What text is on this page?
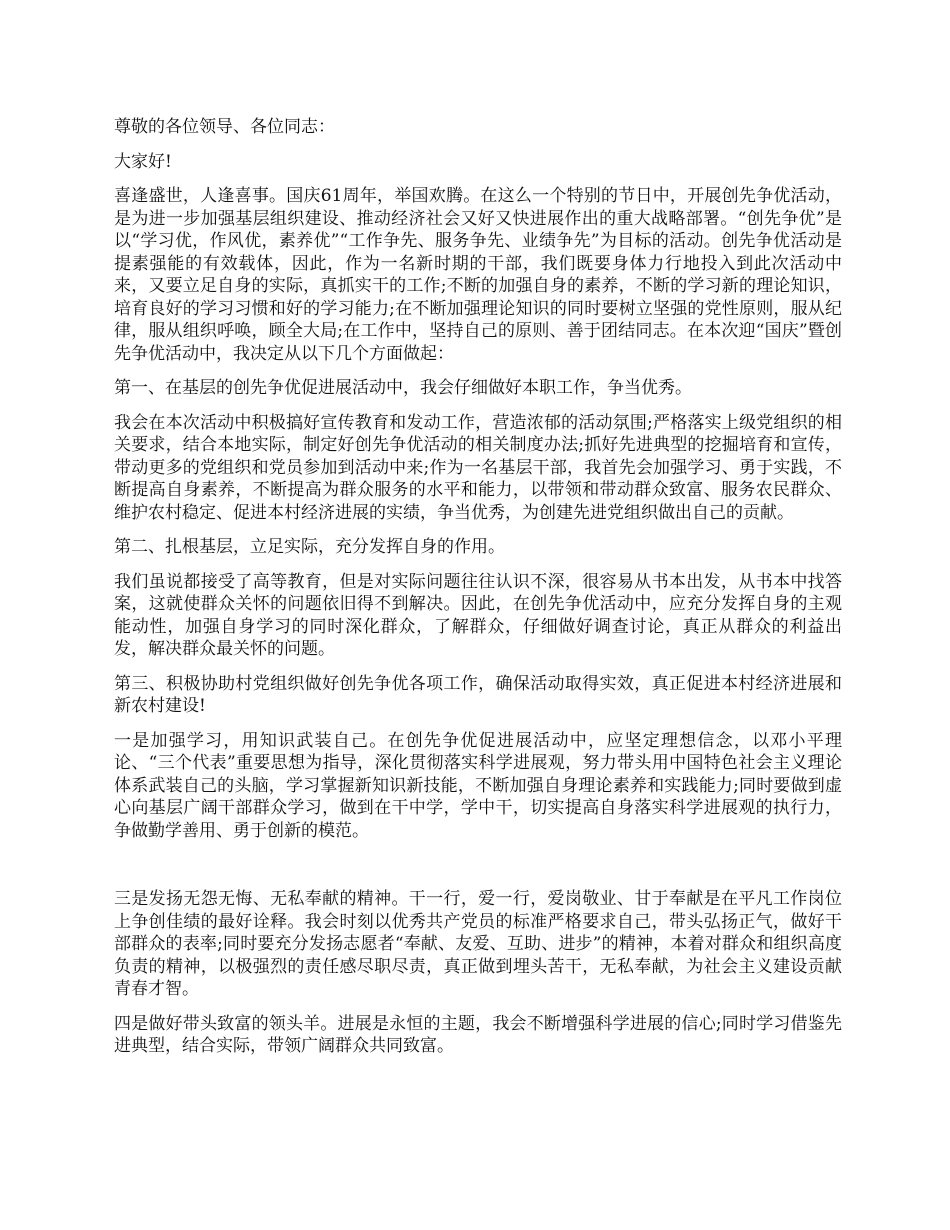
尊敬的各位领导、各位同志：

大家好!

喜逢盛世，人逢喜事。国庆61周年，举国欢腾。在这么一个特别的节日中，开展创先争优活动，是为进一步加强基层组织建设、推动经济社会又好又快进展作出的重大战略部署。“创先争优”是以“学习优，作风优，素养优”“工作争先、服务争先、业绩争先”为目标的活动。创先争优活动是提素强能的有效载体，因此，作为一名新时期的干部，我们既要身体力行地投入到此次活动中来，又要立足自身的实际，真抓实干的工作;不断的加强自身的素养，不断的学习新的理论知识，培育良好的学习习惯和好的学习能力;在不断加强理论知识的同时要树立坚强的党性原则，服从纪律，服从组织呼唤，顾全大局;在工作中，坚持自己的原则、善于团结同志。在本次迎“国庆”暨创先争优活动中，我决定从以下几个方面做起：

第一、在基层的创先争优促进展活动中，我会仔细做好本职工作，争当优秀。

我会在本次活动中积极搞好宣传教育和发动工作，营造浓郁的活动氛围;严格落实上级党组织的相关要求，结合本地实际，制定好创先争优活动的相关制度办法;抓好先进典型的挖掘培育和宣传，带动更多的党组织和党员参加到活动中来;作为一名基层干部，我首先会加强学习、勇于实践，不断提高自身素养，不断提高为群众服务的水平和能力，以带领和带动群众致富、服务农民群众、维护农村稳定、促进本村经济进展的实绩，争当优秀，为创建先进党组织做出自己的贡献。

第二、扎根基层，立足实际，充分发挥自身的作用。

我们虽说都接受了高等教育，但是对实际问题往往认识不深，很容易从书本出发，从书本中找答案，这就使群众关怀的问题依旧得不到解决。因此，在创先争优活动中，应充分发挥自身的主观能动性，加强自身学习的同时深化群众，了解群众，仔细做好调查讨论，真正从群众的利益出发，解决群众最关怀的问题。

第三、积极协助村党组织做好创先争优各项工作，确保活动取得实效，真正促进本村经济进展和新农村建设!

一是加强学习，用知识武装自己。在创先争优促进展活动中，应坚定理想信念，以邓小平理论、“三个代表”重要思想为指导，深化贯彻落实科学进展观，努力带头用中国特色社会主义理论体系武装自己的头脑，学习掌握新知识新技能，不断加强自身理论素养和实践能力;同时要做到虚心向基层广阔干部群众学习，做到在干中学，学中干，切实提高自身落实科学进展观的执行力，争做勤学善用、勇于创新的模范。

三是发扬无怨无悔、无私奉献的精神。干一行，爱一行，爱岗敬业、甘于奉献是在平凡工作岗位上争创佳绩的最好诠释。我会时刻以优秀共产党员的标准严格要求自己，带头弘扬正气，做好干部群众的表率;同时要充分发扬志愿者“奉献、友爱、互助、进步”的精神，本着对群众和组织高度负责的精神，以极强烈的责任感尽职尽责，真正做到埋头苦干，无私奉献，为社会主义建设贡献青春才智。

四是做好带头致富的领头羊。进展是永恒的主题，我会不断增强科学进展的信心;同时学习借鉴先进典型，结合实际，带领广阔群众共同致富。
